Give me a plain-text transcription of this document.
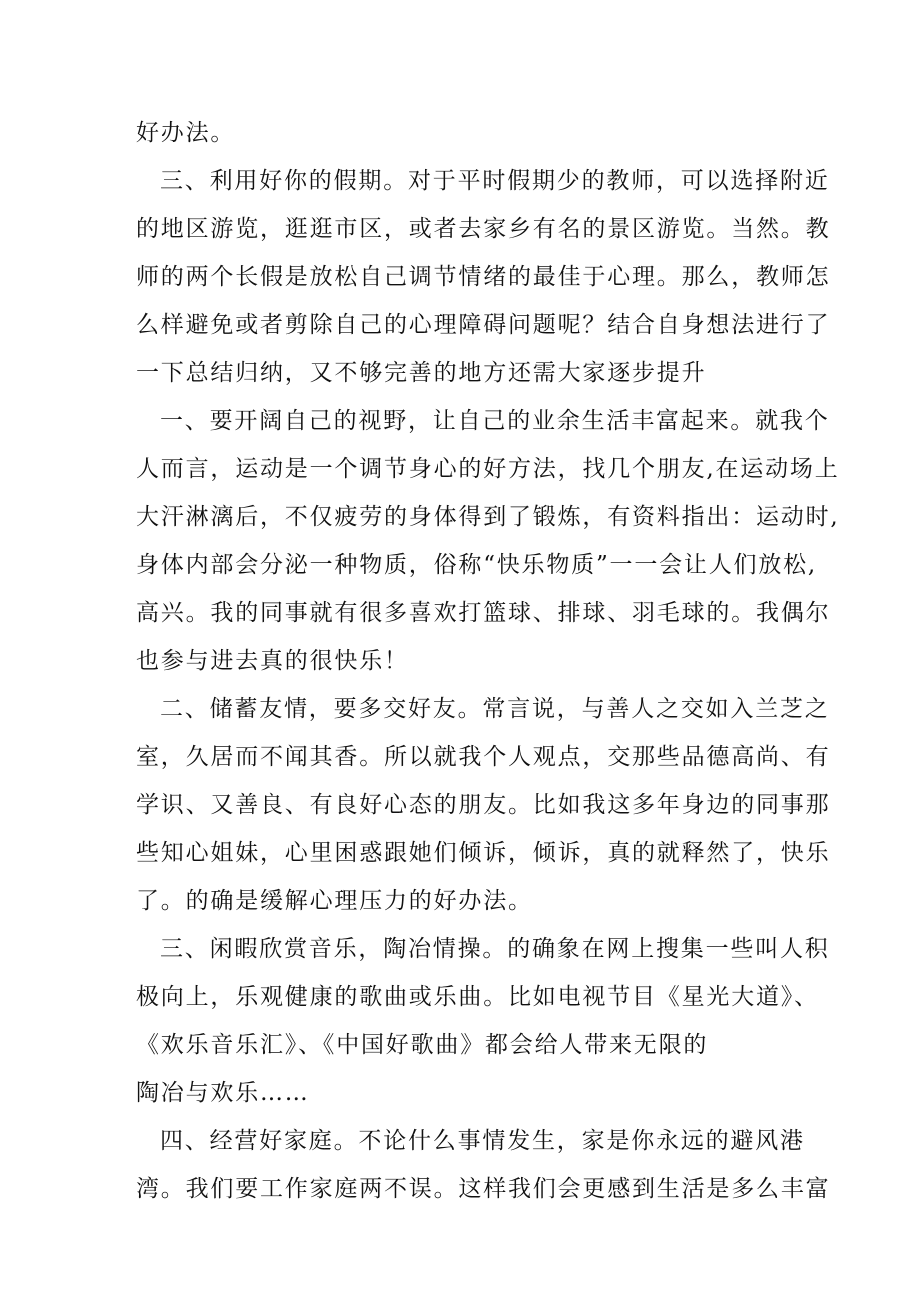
好办法。

三、利用好你的假期。对于平时假期少的教师，可以选择附近

的地区游览，逛逛市区，或者去家乡有名的景区游览。当然。教

师的两个长假是放松自己调节情绪的最佳于心理。那么，教师怎

么样避免或者剪除自己的心理障碍问题呢？结合自身想法进行了

一下总结归纳，又不够完善的地方还需大家逐步提升

一、要开阔自己的视野，让自己的业余生活丰富起来。就我个

人而言，运动是一个调节身心的好方法，找几个朋友,在运动场上

大汗淋漓后，不仅疲劳的身体得到了锻炼，有资料指出：运动时,

身体内部会分泌一种物质，俗称“快乐物质”一一会让人们放松,

高兴。我的同事就有很多喜欢打篮球、排球、羽毛球的。我偶尔

也参与进去真的很快乐！

二、储蓄友情，要多交好友。常言说，与善人之交如入兰芝之

室，久居而不闻其香。所以就我个人观点，交那些品德高尚、有

学识、又善良、有良好心态的朋友。比如我这多年身边的同事那

些知心姐妹，心里困惑跟她们倾诉，倾诉，真的就释然了，快乐

了。的确是缓解心理压力的好办法。

三、闲暇欣赏音乐，陶冶情操。的确象在网上搜集一些叫人积

极向上，乐观健康的歌曲或乐曲。比如电视节目《星光大道》、

《欢乐音乐汇》、《中国好歌曲》都会给人带来无限的

陶冶与欢乐……

四、经营好家庭。不论什么事情发生，家是你永远的避风港

湾。我们要工作家庭两不误。这样我们会更感到生活是多么丰富
